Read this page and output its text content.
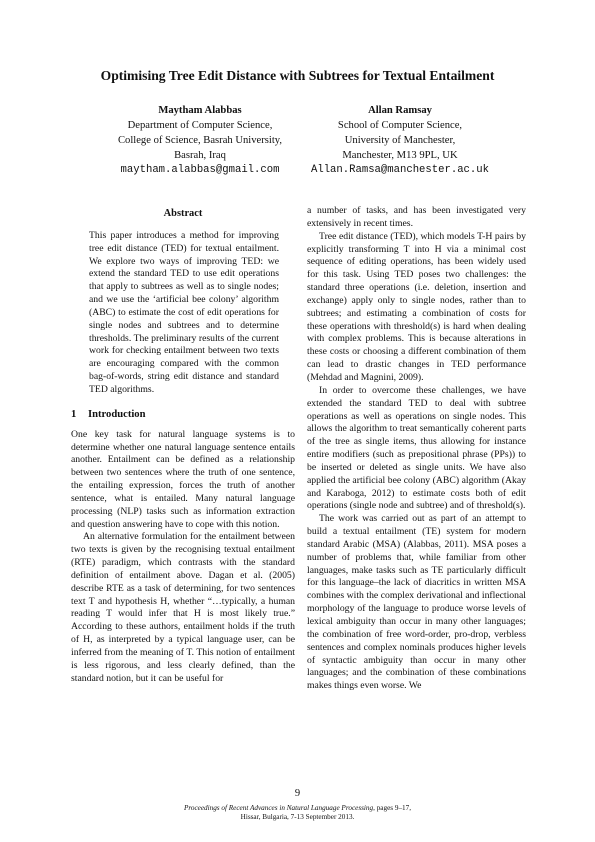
Optimising Tree Edit Distance with Subtrees for Textual Entailment
Maytham Alabbas
Department of Computer Science,
College of Science, Basrah University,
Basrah, Iraq
maytham.alabbas@gmail.com
Allan Ramsay
School of Computer Science,
University of Manchester,
Manchester, M13 9PL, UK
Allan.Ramsa@manchester.ac.uk
Abstract

This paper introduces a method for improving tree edit distance (TED) for textual entailment. We explore two ways of improving TED: we extend the standard TED to use edit operations that apply to subtrees as well as to single nodes; and we use the ‘artificial bee colony’ algorithm (ABC) to estimate the cost of edit operations for single nodes and subtrees and to determine thresholds. The preliminary results of the current work for checking entailment between two texts are encouraging compared with the common bag-of-words, string edit distance and standard TED algorithms.

1 Introduction

One key task for natural language systems is to determine whether one natural language sentence entails another. Entailment can be defined as a relationship between two sentences where the truth of one sentence, the entailing expression, forces the truth of another sentence, what is entailed. Many natural language processing (NLP) tasks such as information extraction and question answering have to cope with this notion.

An alternative formulation for the entailment between two texts is given by the recognising textual entailment (RTE) paradigm, which contrasts with the standard definition of entailment above. Dagan et al. (2005) describe RTE as a task of determining, for two sentences text T and hypothesis H, whether “…typically, a human reading T would infer that H is most likely true.” According to these authors, entailment holds if the truth of H, as interpreted by a typical language user, can be inferred from the meaning of T. This notion of entailment is less rigorous, and less clearly defined, than the standard notion, but it can be useful for

a number of tasks, and has been investigated very extensively in recent times.

Tree edit distance (TED), which models T-H pairs by explicitly transforming T into H via a minimal cost sequence of editing operations, has been widely used for this task. Using TED poses two challenges: the standard three operations (i.e. deletion, insertion and exchange) apply only to single nodes, rather than to subtrees; and estimating a combination of costs for these operations with threshold(s) is hard when dealing with complex problems. This is because alterations in these costs or choosing a different combination of them can lead to drastic changes in TED performance (Mehdad and Magnini, 2009).

In order to overcome these challenges, we have extended the standard TED to deal with subtree operations as well as operations on single nodes. This allows the algorithm to treat semantically coherent parts of the tree as single items, thus allowing for instance entire modifiers (such as prepositional phrase (PPs)) to be inserted or deleted as single units. We have also applied the artificial bee colony (ABC) algorithm (Akay and Karaboga, 2012) to estimate costs both of edit operations (single node and subtree) and of threshold(s).

The work was carried out as part of an attempt to build a textual entailment (TE) system for modern standard Arabic (MSA) (Alabbas, 2011). MSA poses a number of problems that, while familiar from other languages, make tasks such as TE particularly difficult for this language–the lack of diacritics in written MSA combines with the complex derivational and inflectional morphology of the language to produce worse levels of lexical ambiguity than occur in many other languages; the combination of free word-order, pro-drop, verbless sentences and complex nominals produces higher levels of syntactic ambiguity than occur in many other languages; and the combination of these combinations makes things even worse. We

9
Proceedings of Recent Advances in Natural Language Processing, pages 9–17,
Hissar, Bulgaria, 7-13 September 2013.
